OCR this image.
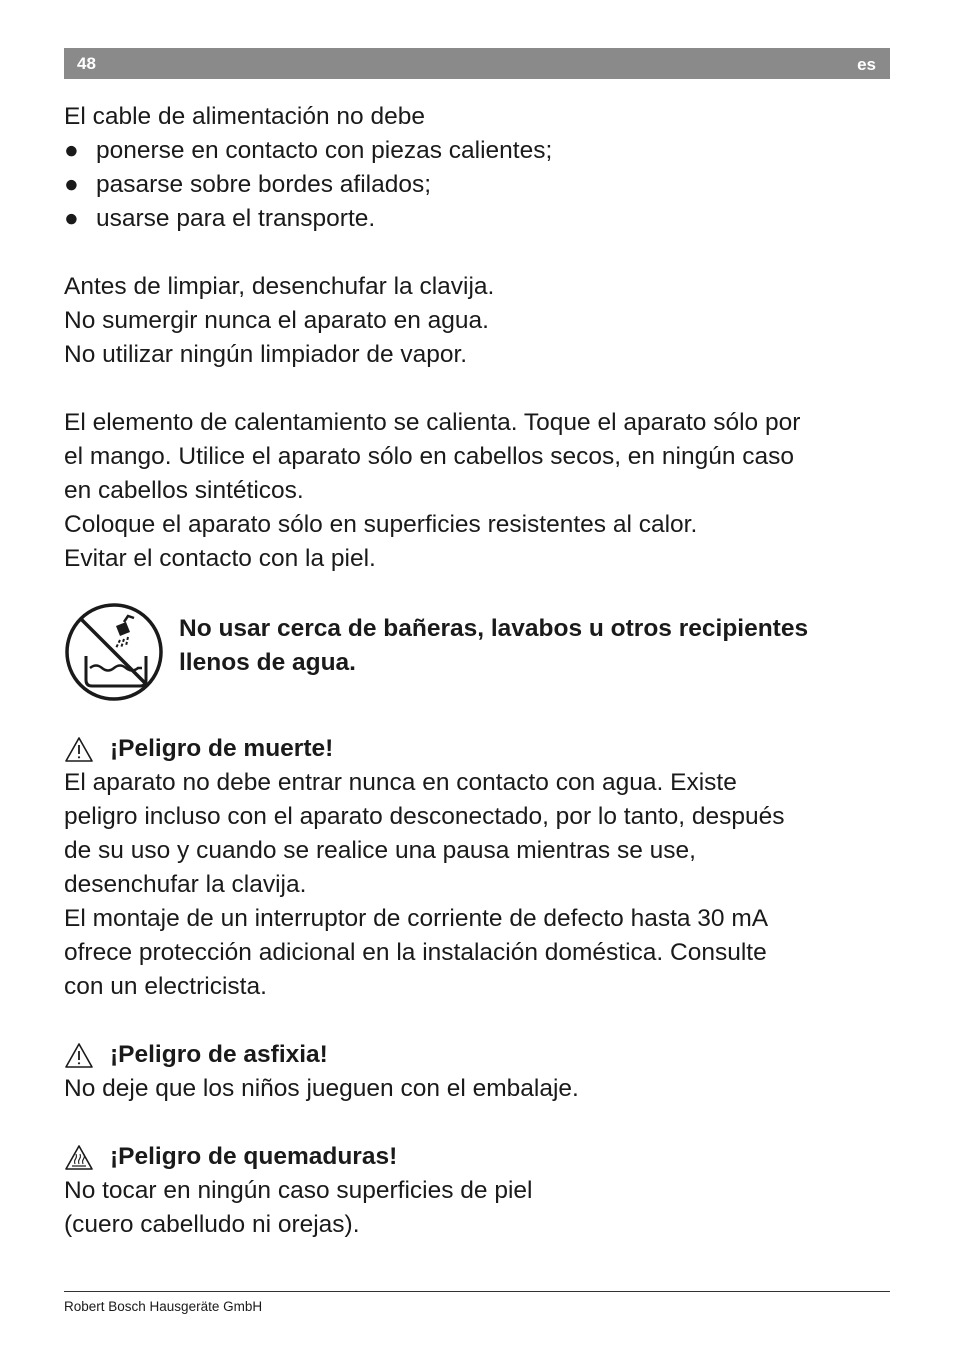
48	es

El cable de alimentación no debe

● ponerse en contacto con piezas calientes;
● pasarse sobre bordes afilados;
● usarse para el transporte.

Antes de limpiar, desenchufar la clavija.

No sumergir nunca el aparato en agua.

No utilizar ningún limpiador de vapor.

El elemento de calentamiento se calienta. Toque el aparato sólo por

el mango. Utilice el aparato sólo en cabellos secos, en ningún caso

en cabellos sintéticos.

Coloque el aparato sólo en superficies resistentes al calor.

Evitar el contacto con la piel.

No usar cerca de bañeras, lavabos u otros recipientes
llenos de agua.
¡Peligro de muerte!

El aparato no debe entrar nunca en contacto con agua. Existe

peligro incluso con el aparato desconectado, por lo tanto, después

de su uso y cuando se realice una pausa mientras se use,

desenchufar la clavija.

El montaje de un interruptor de corriente de defecto hasta 30 mA

ofrece protección adicional en la instalación doméstica. Consulte

con un electricista.

¡Peligro de asfixia!

No deje que los niños jueguen con el embalaje.

¡Peligro de quemaduras!

No tocar en ningún caso superficies de piel

(cuero cabelludo ni orejas).

Robert Bosch Hausgeräte GmbH
